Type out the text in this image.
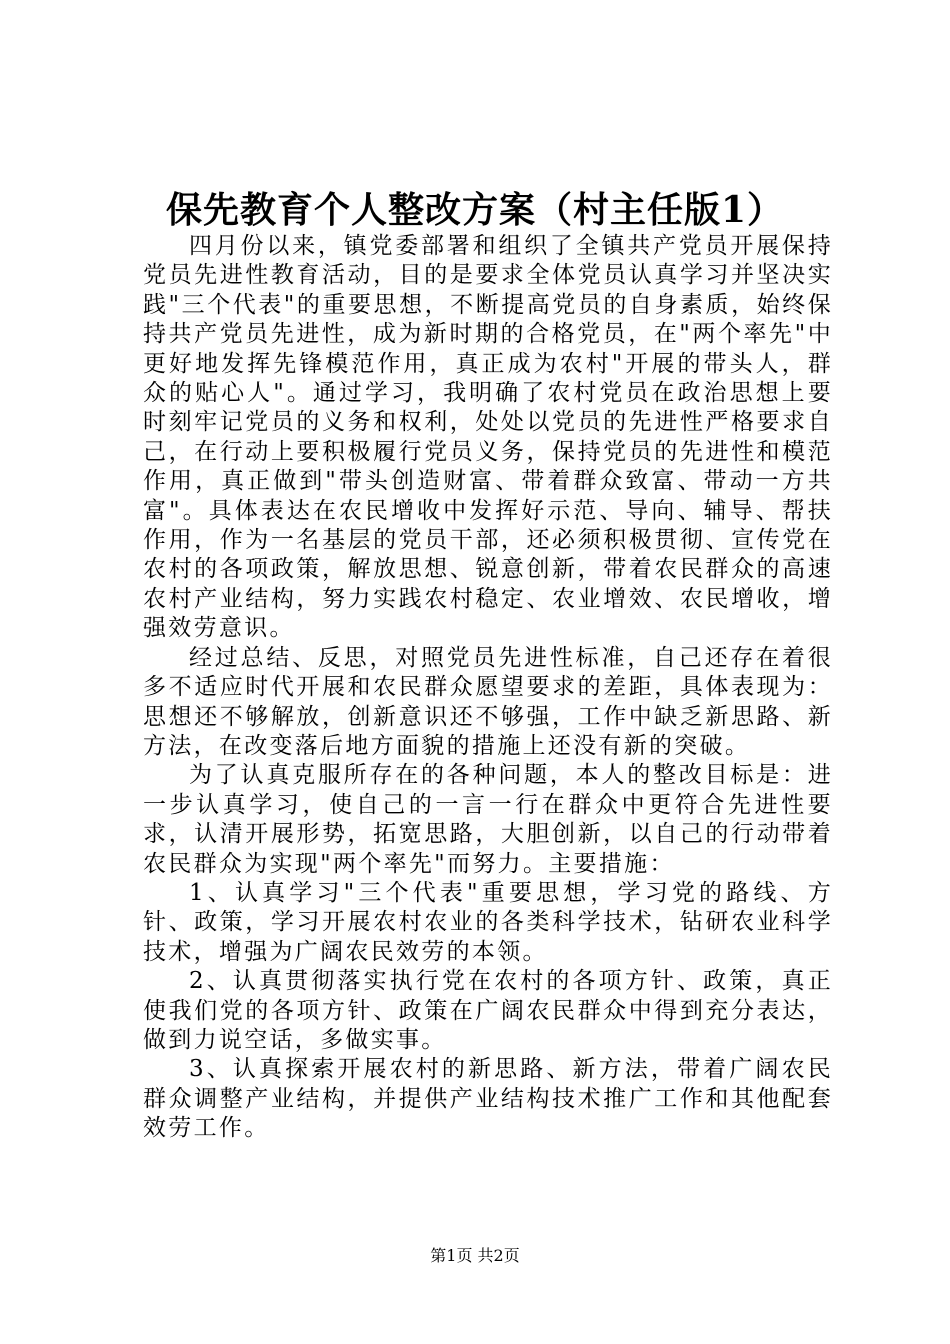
保先教育个人整改方案（村主任版1）

四月份以来，镇党委部署和组织了全镇共产党员开展保持党员先进性教育活动，目的是要求全体党员认真学习并坚决实践"三个代表"的重要思想，不断提高党员的自身素质，始终保持共产党员先进性，成为新时期的合格党员，在"两个率先"中更好地发挥先锋模范作用，真正成为农村"开展的带头人，群众的贴心人"。通过学习，我明确了农村党员在政治思想上要时刻牢记党员的义务和权利，处处以党员的先进性严格要求自己，在行动上要积极履行党员义务，保持党员的先进性和模范作用，真正做到"带头创造财富、带着群众致富、带动一方共富"。具体表达在农民增收中发挥好示范、导向、辅导、帮扶作用，作为一名基层的党员干部，还必须积极贯彻、宣传党在农村的各项政策，解放思想、锐意创新，带着农民群众的高速农村产业结构，努力实践农村稳定、农业增效、农民增收，增强效劳意识。

经过总结、反思，对照党员先进性标准，自己还存在着很多不适应时代开展和农民群众愿望要求的差距，具体表现为：思想还不够解放，创新意识还不够强，工作中缺乏新思路、新方法，在改变落后地方面貌的措施上还没有新的突破。

为了认真克服所存在的各种问题，本人的整改目标是：进一步认真学习，使自己的一言一行在群众中更符合先进性要求，认清开展形势，拓宽思路，大胆创新，以自己的行动带着农民群众为实现"两个率先"而努力。主要措施：

1、认真学习"三个代表"重要思想，学习党的路线、方针、政策，学习开展农村农业的各类科学技术，钻研农业科学技术，增强为广阔农民效劳的本领。

2、认真贯彻落实执行党在农村的各项方针、政策，真正使我们党的各项方针、政策在广阔农民群众中得到充分表达，做到力说空话，多做实事。

3、认真探索开展农村的新思路、新方法，带着广阔农民群众调整产业结构，并提供产业结构技术推广工作和其他配套效劳工作。

第1页 共2页
